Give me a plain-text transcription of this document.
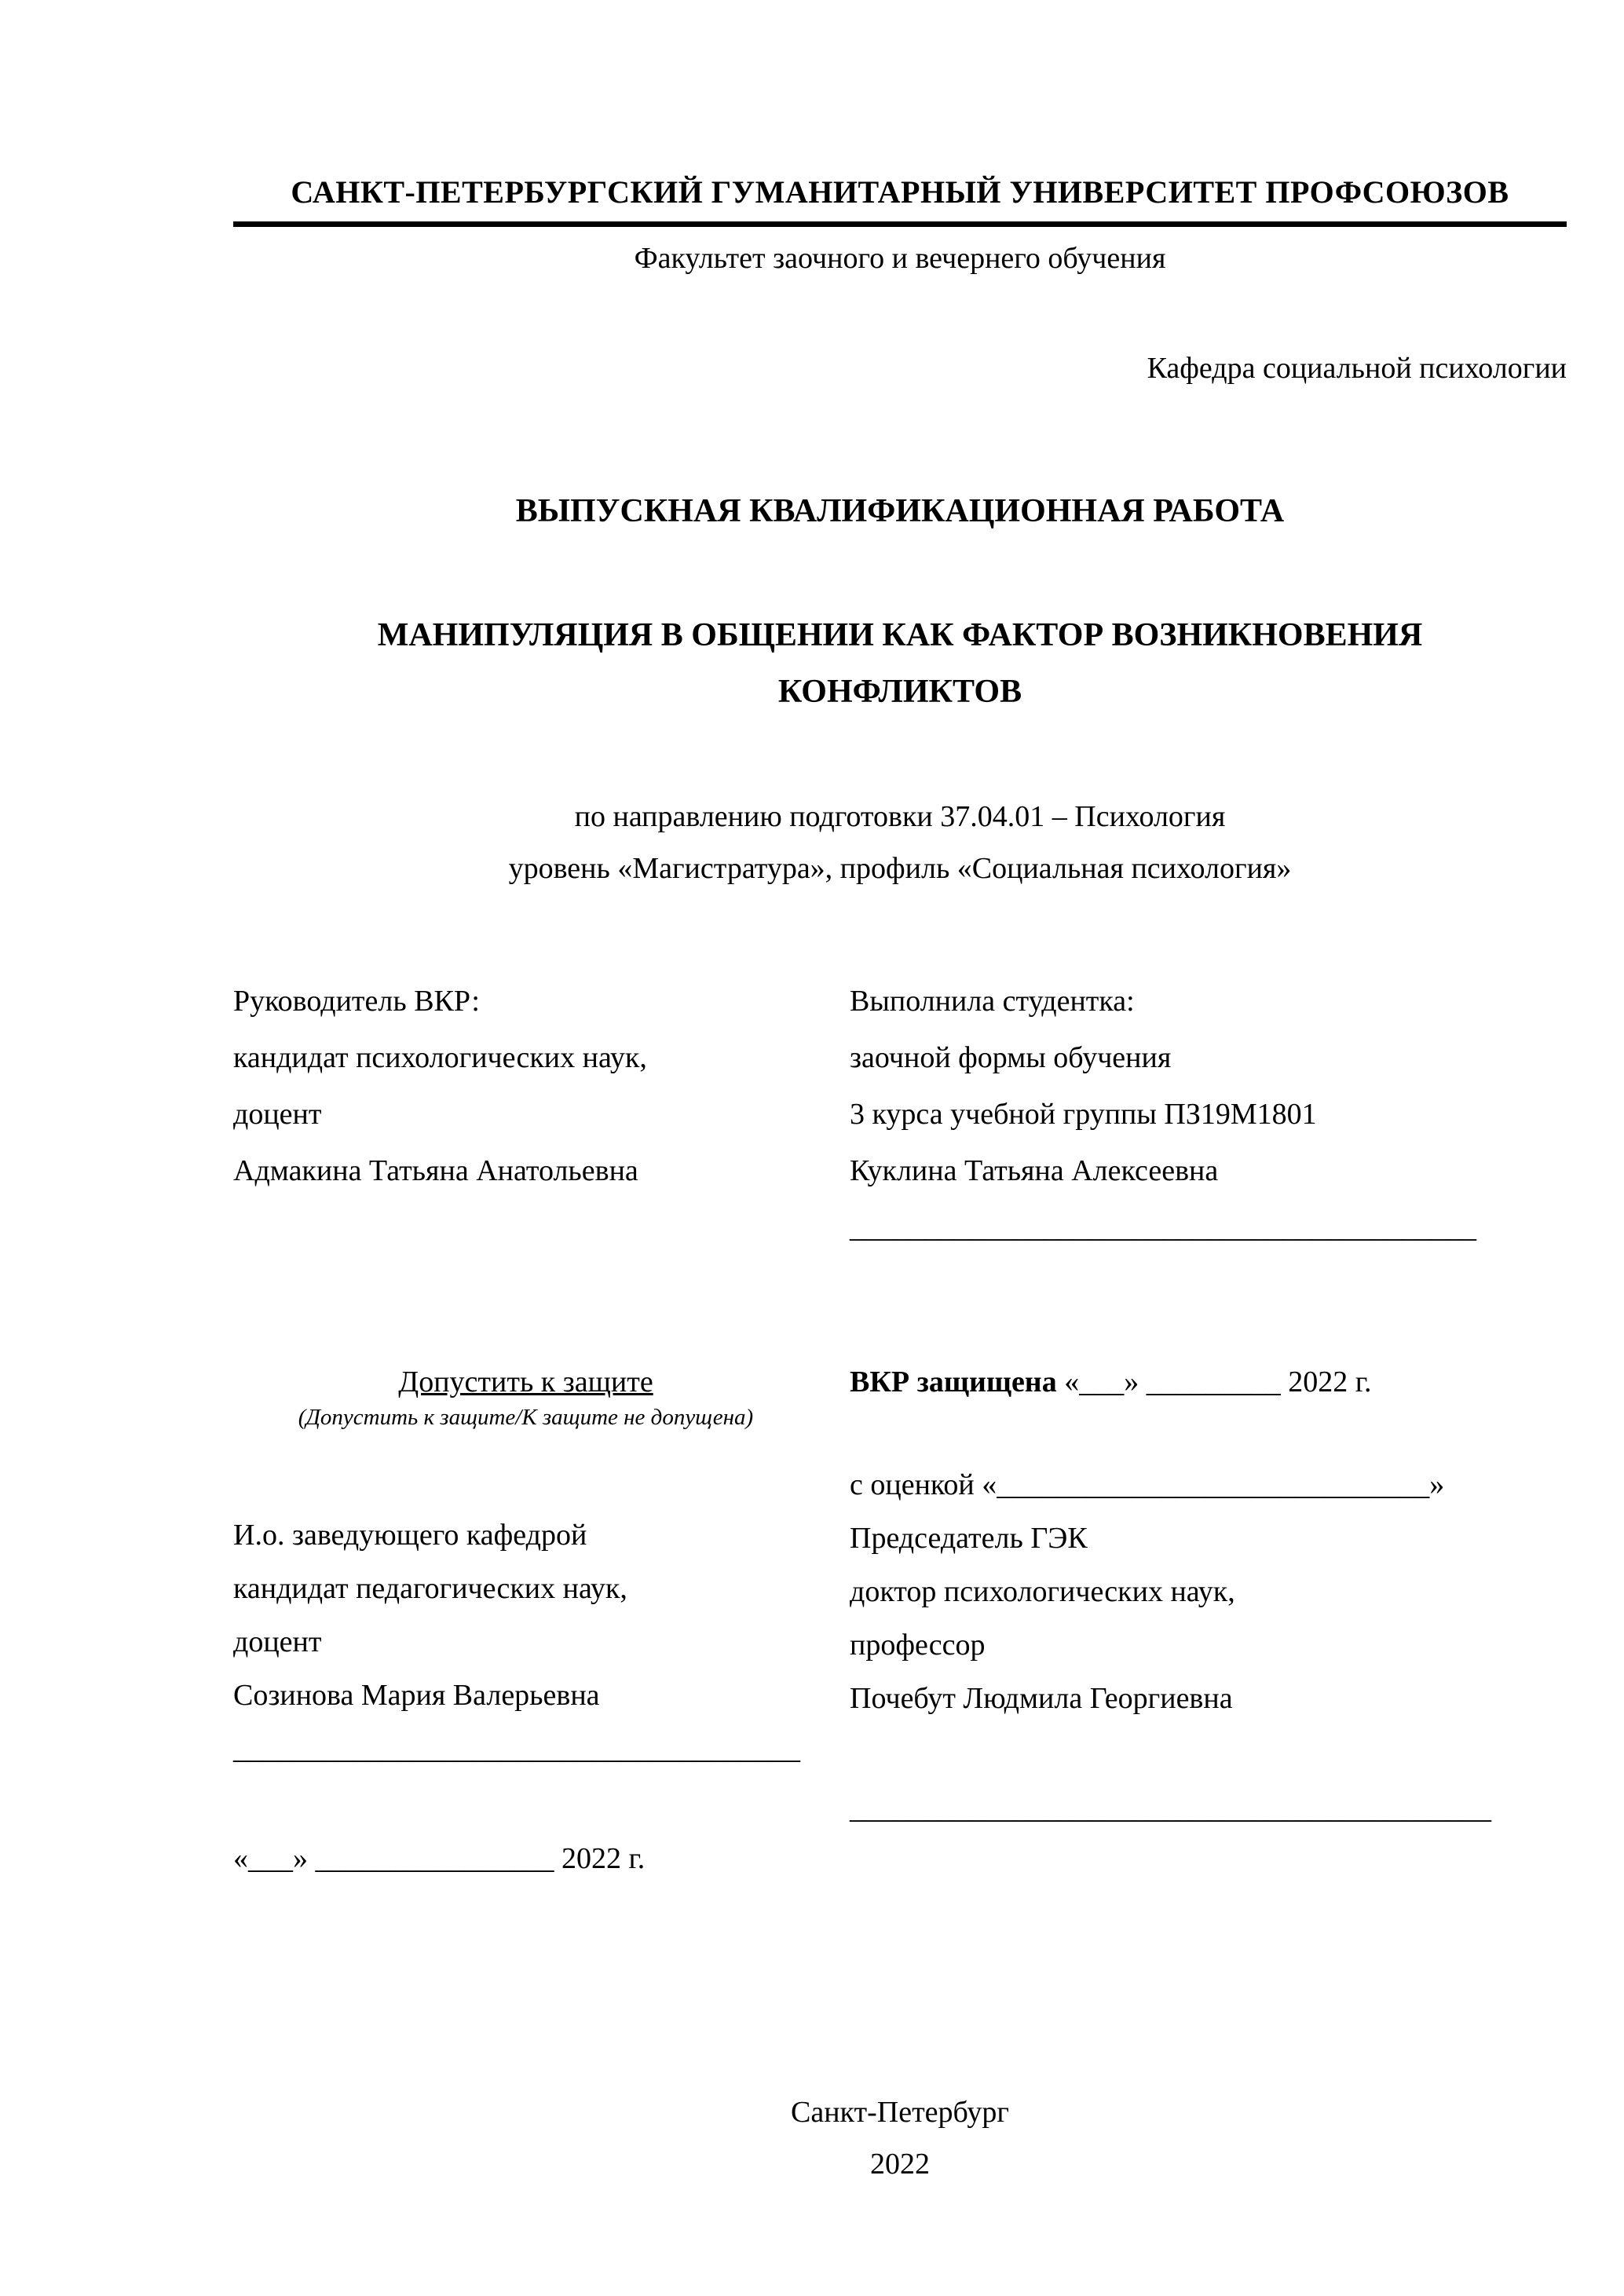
САНКТ-ПЕТЕРБУРГСКИЙ ГУМАНИТАРНЫЙ УНИВЕРСИТЕТ ПРОФСОЮЗОВ
Факультет заочного и вечернего обучения
Кафедра социальной психологии
ВЫПУСКНАЯ КВАЛИФИКАЦИОННАЯ РАБОТА
МАНИПУЛЯЦИЯ В ОБЩЕНИИ КАК ФАКТОР ВОЗНИКНОВЕНИЯ
КОНФЛИКТОВ
по направлению подготовки 37.04.01 – Психология
уровень «Магистратура», профиль «Социальная психология»
Руководитель ВКР:
кандидат психологических наук,
доцент
Адмакина Татьяна Анатольевна
Выполнила студентка:
заочной формы обучения
3 курса учебной группы ПЗ19М1801
Куклина Татьяна Алексеевна
__________________________________________
Допустить к защите
(Допустить к защите/К защите не допущена)
И.о. заведующего кафедрой
кандидат педагогических наук,
доцент
Созинова Мария Валерьевна
______________________________________
«___» ________________ 2022 г.
ВКР защищена «___» _________ 2022 г.
с оценкой «_____________________________»
Председатель ГЭК
доктор психологических наук,
профессор
Почебут Людмила Георгиевна
___________________________________________
Санкт-Петербург
2022
